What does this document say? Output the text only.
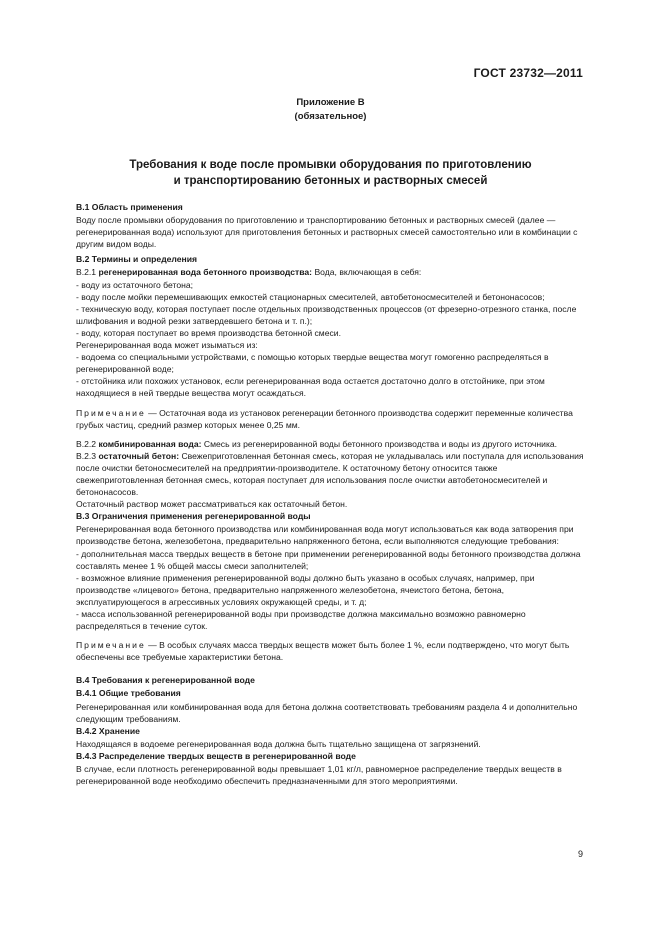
ГОСТ 23732—2011
Приложение В
(обязательное)
Требования к воде после промывки оборудования по приготовлению
и транспортированию бетонных и растворных смесей

В.1 Область применения

Воду после промывки оборудования по приготовлению и транспортированию бетонных и растворных смесей (далее — регенерированная вода) используют для приготовления бетонных и растворных смесей самостоятельно или в комбинации с другим видом воды.

В.2 Термины и определения

В.2.1 регенерированная вода бетонного производства: Вода, включающая в себя:

- воду из остаточного бетона;

- воду после мойки перемешивающих емкостей стационарных смесителей, автобетоносмесителей и бетононасосов;

- техническую воду, которая поступает после отдельных производственных процессов (от фрезерно-отрезного станка, после шлифования и водной резки затвердевшего бетона и т. п.);

- воду, которая поступает во время производства бетонной смеси.

Регенерированная вода может изыматься из:

- водоема со специальными устройствами, с помощью которых твердые вещества могут гомогенно распределяться в регенерированной воде;

- отстойника или похожих установок, если регенерированная вода остается достаточно долго в отстойнике, при этом находящиеся в ней твердые вещества могут осаждаться.

Примечание — Остаточная вода из установок регенерации бетонного производства содержит переменные количества грубых частиц, средний размер которых менее 0,25 мм.

В.2.2 комбинированная вода: Смесь из регенерированной воды бетонного производства и воды из другого источника.

В.2.3 остаточный бетон: Свежеприготовленная бетонная смесь, которая не укладывалась или поступала для использования после очистки бетоносмесителей на предприятии-производителе. К остаточному бетону относится также свежеприготовленная бетонная смесь, которая поступает для использования после очистки автобетоносмесителей и бетононасосов.

Остаточный раствор может рассматриваться как остаточный бетон.

В.3 Ограничения применения регенерированной воды

Регенерированная вода бетонного производства или комбинированная вода могут использоваться как вода затворения при производстве бетона, железобетона, предварительно напряженного бетона, если выполняются следующие требования:

- дополнительная масса твердых веществ в бетоне при применении регенерированной воды бетонного производства должна составлять менее 1 % общей массы смеси заполнителей;

- возможное влияние применения регенерированной воды должно быть указано в особых случаях, например, при производстве «лицевого» бетона, предварительно напряженного железобетона, ячеистого бетона, бетона, эксплуатирующегося в агрессивных условиях окружающей среды, и т. д;

- масса использованной регенерированной воды при производстве должна максимально возможно равномерно распределяться в течение суток.

Примечание — В особых случаях масса твердых веществ может быть более 1 %, если подтверждено, что могут быть обеспечены все требуемые характеристики бетона.

В.4 Требования к регенерированной воде

В.4.1 Общие требования

Регенерированная или комбинированная вода для бетона должна соответствовать требованиям раздела 4 и дополнительно следующим требованиям.

В.4.2 Хранение

Находящаяся в водоеме регенерированная вода должна быть тщательно защищена от загрязнений.

В.4.3 Распределение твердых веществ в регенерированной воде

В случае, если плотность регенерированной воды превышает 1,01 кг/л, равномерное распределение твердых веществ в регенерированной воде необходимо обеспечить предназначенными для этого мероприятиями.

9
